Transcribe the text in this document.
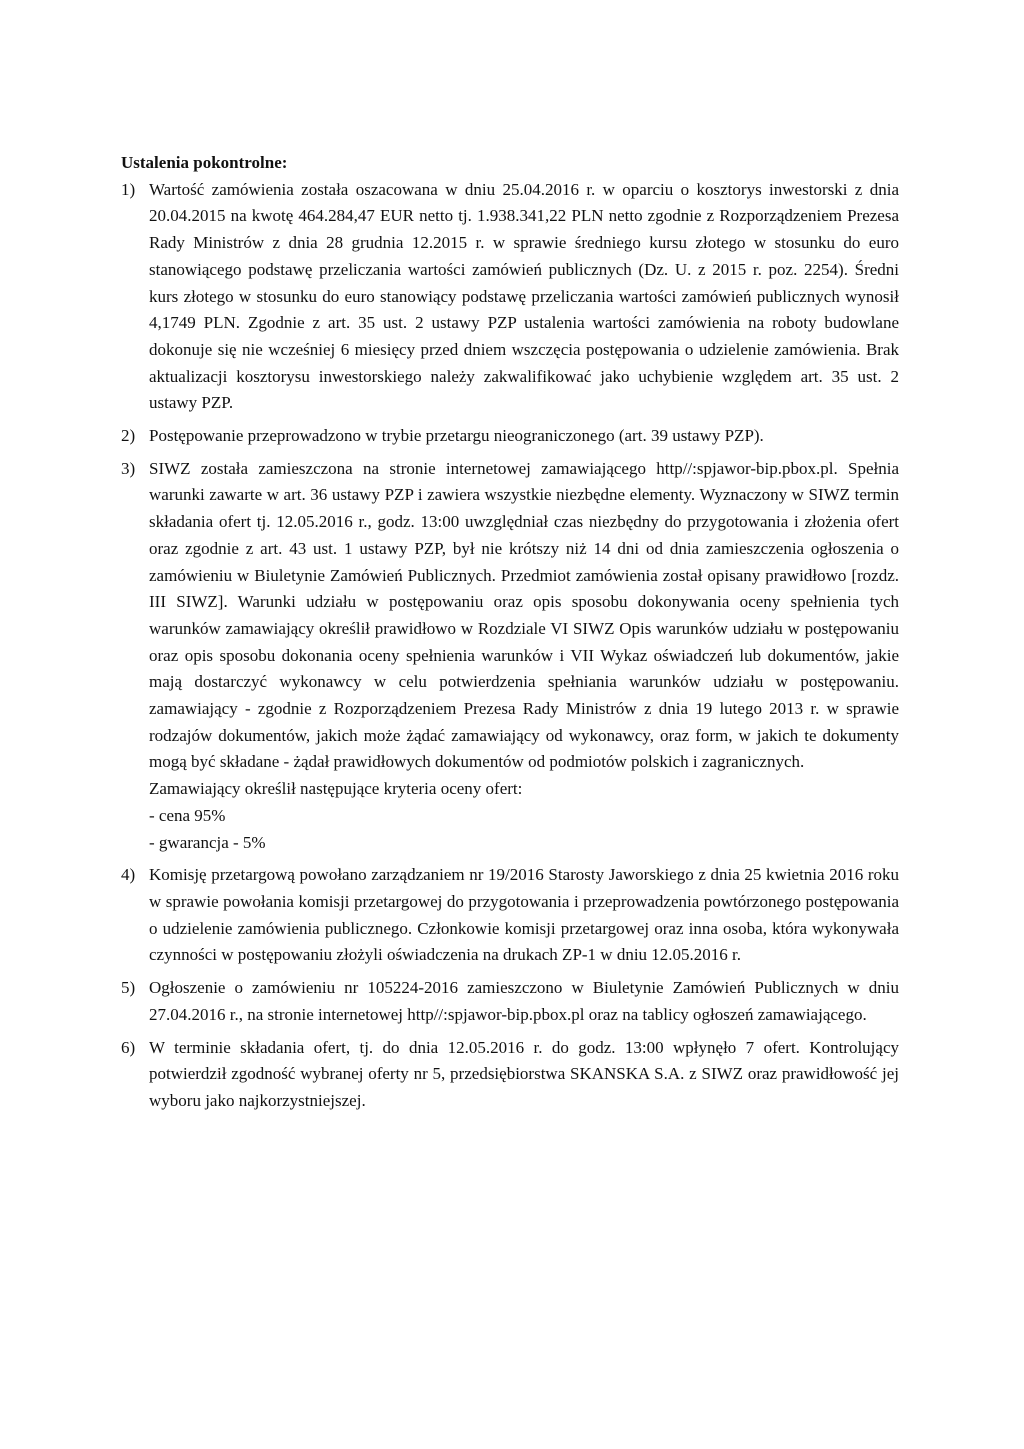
Ustalenia pokontrolne:

1) Wartość zamówienia została oszacowana w dniu 25.04.2016 r. w oparciu o kosztorys inwestorski z dnia 20.04.2015 na kwotę 464.284,47 EUR netto tj. 1.938.341,22 PLN netto zgodnie z Rozporządzeniem Prezesa Rady Ministrów z dnia 28 grudnia 12.2015 r. w sprawie średniego kursu złotego w stosunku do euro stanowiącego podstawę przeliczania wartości zamówień publicznych (Dz. U. z 2015 r. poz. 2254). Średni kurs złotego w stosunku do euro stanowiący podstawę przeliczania wartości zamówień publicznych wynosił 4,1749 PLN. Zgodnie z art. 35 ust. 2 ustawy PZP ustalenia wartości zamówienia na roboty budowlane dokonuje się nie wcześniej 6 miesięcy przed dniem wszczęcia postępowania o udzielenie zamówienia. Brak aktualizacji kosztorysu inwestorskiego należy zakwalifikować jako uchybienie względem art. 35 ust. 2 ustawy PZP.

2) Postępowanie przeprowadzono w trybie przetargu nieograniczonego (art. 39 ustawy PZP).

3) SIWZ została zamieszczona na stronie internetowej zamawiającego http//:spjawor-bip.pbox.pl. Spełnia warunki zawarte w art. 36 ustawy PZP i zawiera wszystkie niezbędne elementy. Wyznaczony w SIWZ termin składania ofert tj. 12.05.2016 r., godz. 13:00 uwzględniał czas niezbędny do przygotowania i złożenia ofert oraz zgodnie z art. 43 ust. 1 ustawy PZP, był nie krótszy niż 14 dni od dnia zamieszczenia ogłoszenia o zamówieniu w Biuletynie Zamówień Publicznych. Przedmiot zamówienia został opisany prawidłowo [rozdz. III SIWZ]. Warunki udziału w postępowaniu oraz opis sposobu dokonywania oceny spełnienia tych warunków zamawiający określił prawidłowo w Rozdziale VI SIWZ Opis warunków udziału w postępowaniu oraz opis sposobu dokonania oceny spełnienia warunków i VII Wykaz oświadczeń lub dokumentów, jakie mają dostarczyć wykonawcy w celu potwierdzenia spełniania warunków udziału w postępowaniu. zamawiający - zgodnie z Rozporządzeniem Prezesa Rady Ministrów z dnia 19 lutego 2013 r. w sprawie rodzajów dokumentów, jakich może żądać zamawiający od wykonawcy, oraz form, w jakich te dokumenty mogą być składane - żądał prawidłowych dokumentów od podmiotów polskich i zagranicznych.

Zamawiający określił następujące kryteria oceny ofert:

- cena 95%

- gwarancja - 5%

4) Komisję przetargową powołano zarządzaniem nr 19/2016 Starosty Jaworskiego z dnia 25 kwietnia 2016 roku w sprawie powołania komisji przetargowej do przygotowania i przeprowadzenia powtórzonego postępowania o udzielenie zamówienia publicznego. Członkowie komisji przetargowej oraz inna osoba, która wykonywała czynności w postępowaniu złożyli oświadczenia na drukach ZP-1 w dniu 12.05.2016 r.

5) Ogłoszenie o zamówieniu nr 105224-2016 zamieszczono w Biuletynie Zamówień Publicznych w dniu 27.04.2016 r., na stronie internetowej http//:spjawor-bip.pbox.pl oraz na tablicy ogłoszeń zamawiającego.

6) W terminie składania ofert, tj. do dnia 12.05.2016 r. do godz. 13:00 wpłynęło 7 ofert. Kontrolujący potwierdził zgodność wybranej oferty nr 5, przedsiębiorstwa SKANSKA S.A. z SIWZ oraz prawidłowość jej wyboru jako najkorzystniejszej.
